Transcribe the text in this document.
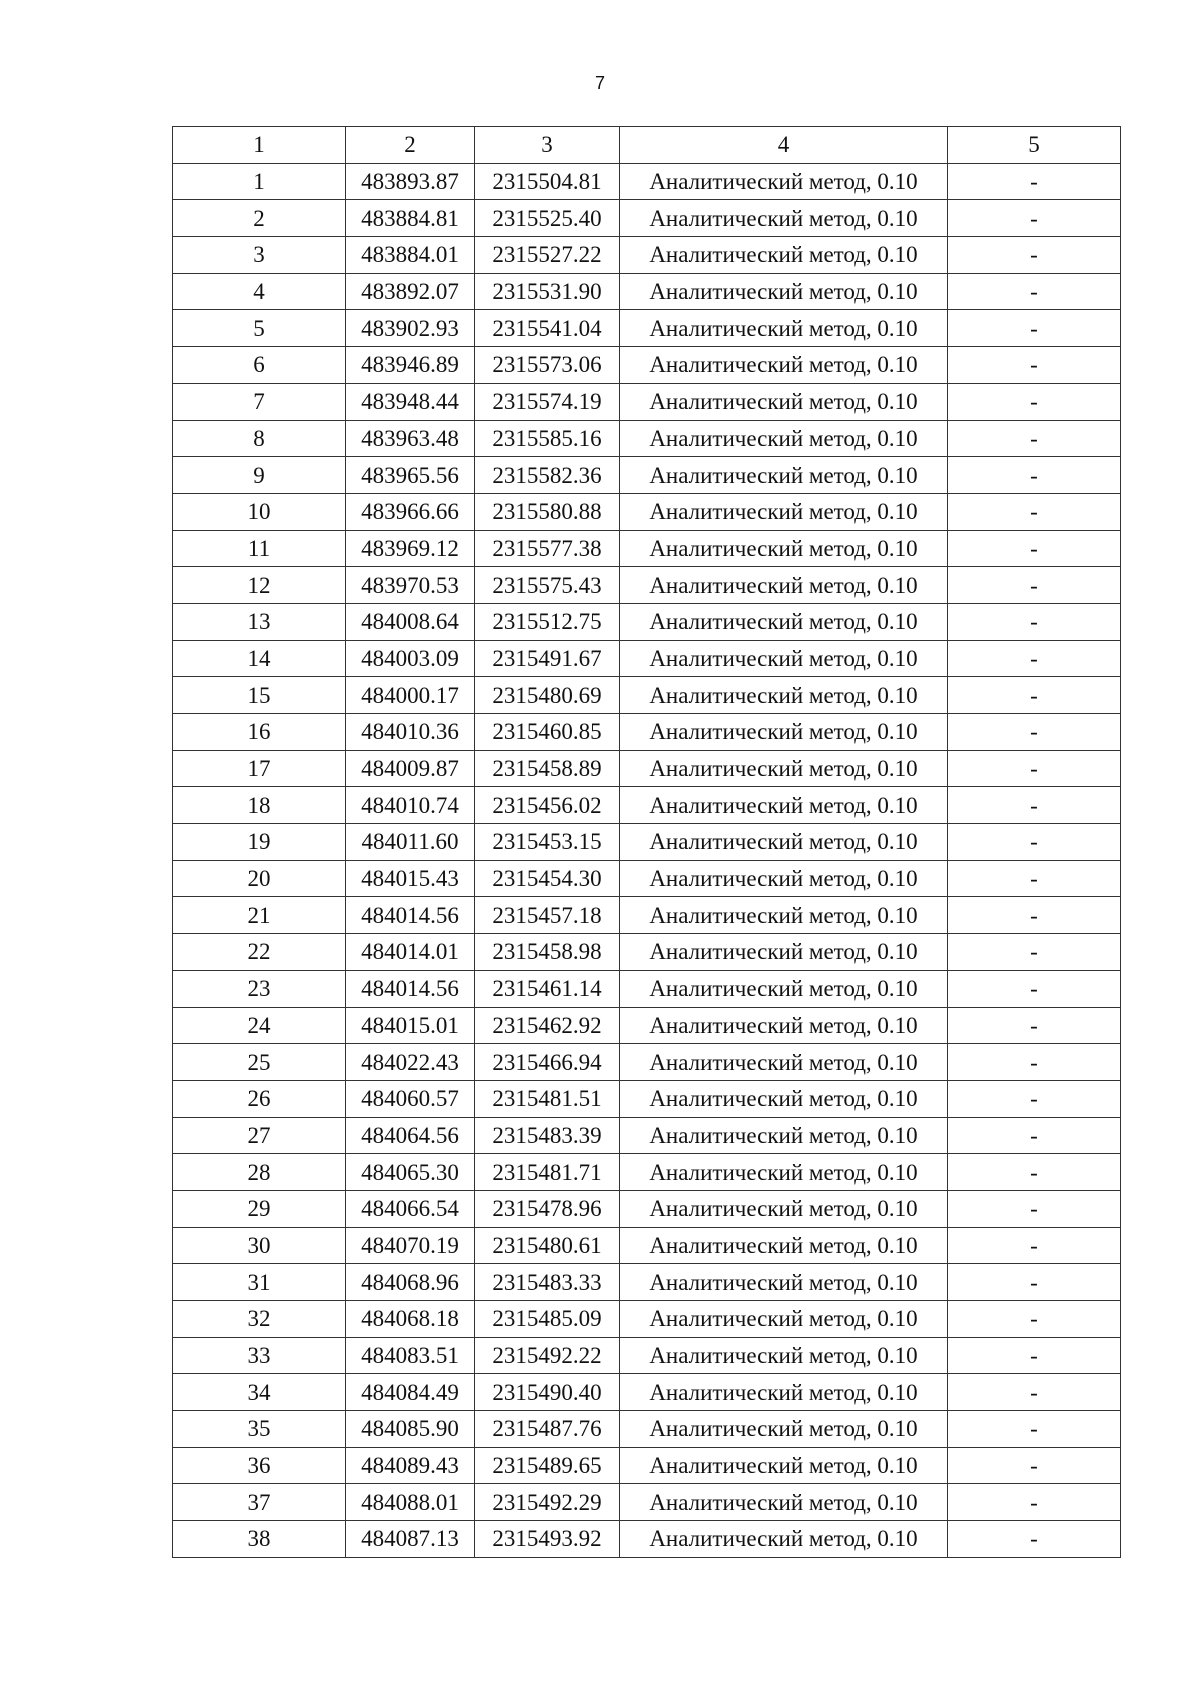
7
1	2	3	4	5
1	483893.87	2315504.81	Аналитический метод, 0.10	-
2	483884.81	2315525.40	Аналитический метод, 0.10	-
3	483884.01	2315527.22	Аналитический метод, 0.10	-
4	483892.07	2315531.90	Аналитический метод, 0.10	-
5	483902.93	2315541.04	Аналитический метод, 0.10	-
6	483946.89	2315573.06	Аналитический метод, 0.10	-
7	483948.44	2315574.19	Аналитический метод, 0.10	-
8	483963.48	2315585.16	Аналитический метод, 0.10	-
9	483965.56	2315582.36	Аналитический метод, 0.10	-
10	483966.66	2315580.88	Аналитический метод, 0.10	-
11	483969.12	2315577.38	Аналитический метод, 0.10	-
12	483970.53	2315575.43	Аналитический метод, 0.10	-
13	484008.64	2315512.75	Аналитический метод, 0.10	-
14	484003.09	2315491.67	Аналитический метод, 0.10	-
15	484000.17	2315480.69	Аналитический метод, 0.10	-
16	484010.36	2315460.85	Аналитический метод, 0.10	-
17	484009.87	2315458.89	Аналитический метод, 0.10	-
18	484010.74	2315456.02	Аналитический метод, 0.10	-
19	484011.60	2315453.15	Аналитический метод, 0.10	-
20	484015.43	2315454.30	Аналитический метод, 0.10	-
21	484014.56	2315457.18	Аналитический метод, 0.10	-
22	484014.01	2315458.98	Аналитический метод, 0.10	-
23	484014.56	2315461.14	Аналитический метод, 0.10	-
24	484015.01	2315462.92	Аналитический метод, 0.10	-
25	484022.43	2315466.94	Аналитический метод, 0.10	-
26	484060.57	2315481.51	Аналитический метод, 0.10	-
27	484064.56	2315483.39	Аналитический метод, 0.10	-
28	484065.30	2315481.71	Аналитический метод, 0.10	-
29	484066.54	2315478.96	Аналитический метод, 0.10	-
30	484070.19	2315480.61	Аналитический метод, 0.10	-
31	484068.96	2315483.33	Аналитический метод, 0.10	-
32	484068.18	2315485.09	Аналитический метод, 0.10	-
33	484083.51	2315492.22	Аналитический метод, 0.10	-
34	484084.49	2315490.40	Аналитический метод, 0.10	-
35	484085.90	2315487.76	Аналитический метод, 0.10	-
36	484089.43	2315489.65	Аналитический метод, 0.10	-
37	484088.01	2315492.29	Аналитический метод, 0.10	-
38	484087.13	2315493.92	Аналитический метод, 0.10	-
